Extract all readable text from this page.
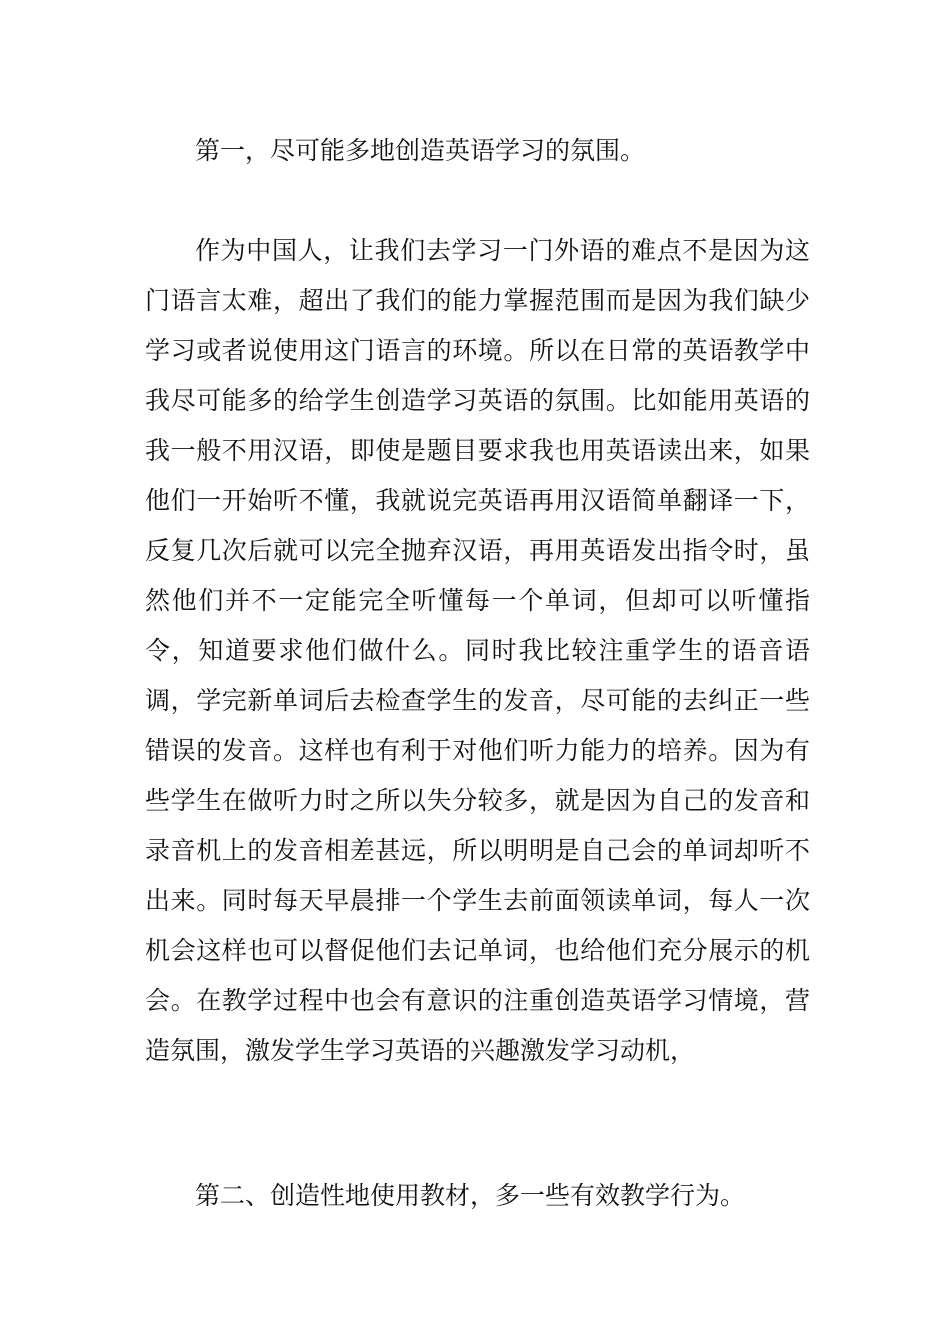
第一，尽可能多地创造英语学习的氛围。

作为中国人，让我们去学习一门外语的难点不是因为这门语言太难，超出了我们的能力掌握范围而是因为我们缺少学习或者说使用这门语言的环境。所以在日常的英语教学中我尽可能多的给学生创造学习英语的氛围。比如能用英语的我一般不用汉语，即使是题目要求我也用英语读出来，如果他们一开始听不懂，我就说完英语再用汉语简单翻译一下，反复几次后就可以完全抛弃汉语，再用英语发出指令时，虽然他们并不一定能完全听懂每一个单词，但却可以听懂指令，知道要求他们做什么。同时我比较注重学生的语音语调，学完新单词后去检查学生的发音，尽可能的去纠正一些错误的发音。这样也有利于对他们听力能力的培养。因为有些学生在做听力时之所以失分较多，就是因为自己的发音和录音机上的发音相差甚远，所以明明是自己会的单词却听不出来。同时每天早晨排一个学生去前面领读单词，每人一次机会这样也可以督促他们去记单词，也给他们充分展示的机会。在教学过程中也会有意识的注重创造英语学习情境，营造氛围，激发学生学习英语的兴趣激发学习动机，

第二、创造性地使用教材，多一些有效教学行为。
